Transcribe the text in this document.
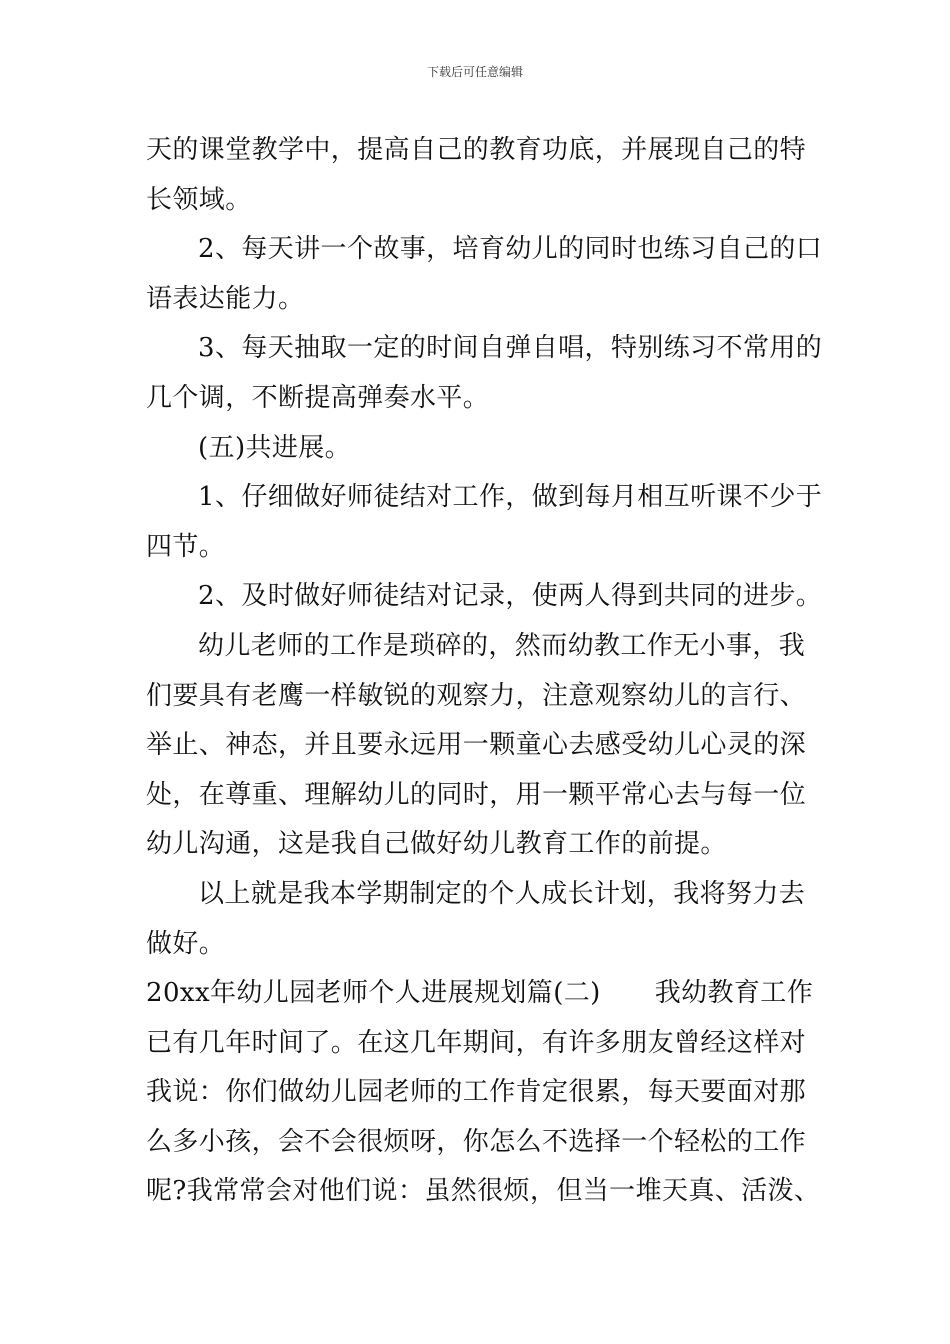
下载后可任意编辑
天的课堂教学中，提高自己的教育功底，并展现自己的特
长领域。
2、每天讲一个故事，培育幼儿的同时也练习自己的口
语表达能力。
3、每天抽取一定的时间自弹自唱，特别练习不常用的
几个调，不断提高弹奏水平。
(五)共进展。
1、仔细做好师徒结对工作，做到每月相互听课不少于
四节。
2、及时做好师徒结对记录，使两人得到共同的进步。
幼儿老师的工作是琐碎的，然而幼教工作无小事，我
们要具有老鹰一样敏锐的观察力，注意观察幼儿的言行、
举止、神态，并且要永远用一颗童心去感受幼儿心灵的深
处，在尊重、理解幼儿的同时，用一颗平常心去与每一位
幼儿沟通，这是我自己做好幼儿教育工作的前提。
以上就是我本学期制定的个人成长计划，我将努力去
做好。
20xx年幼儿园老师个人进展规划篇(二) 我幼教育工作
已有几年时间了。在这几年期间，有许多朋友曾经这样对
我说：你们做幼儿园老师的工作肯定很累，每天要面对那
么多小孩，会不会很烦呀，你怎么不选择一个轻松的工作
呢?我常常会对他们说：虽然很烦，但当一堆天真、活泼、
